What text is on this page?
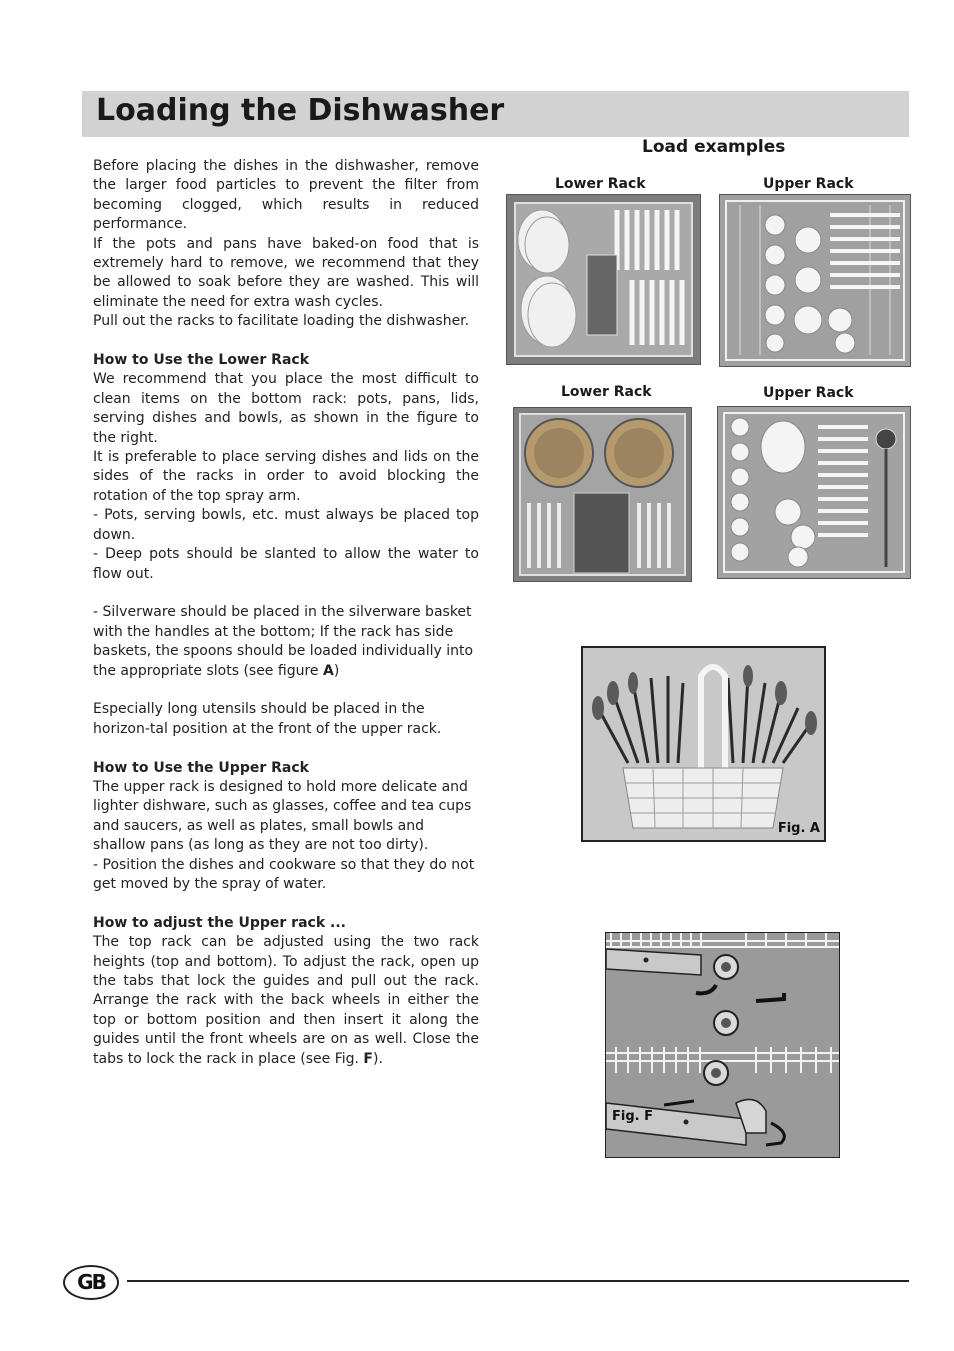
Loading the Dishwasher

Before placing the dishes in the dishwasher, remove the larger food particles to prevent the filter from becoming clogged, which results in reduced performance.

If the pots and pans have baked-on food that is extremely hard to remove, we recommend that they be allowed to soak before they are washed. This will eliminate the need for extra wash cycles.

Pull out the racks to facilitate loading the dishwasher.

How to Use the Lower Rack

We recommend that you place the most difficult to clean items on the bottom rack: pots, pans, lids, serving dishes and bowls, as shown in the figure to the right.

It is preferable to place serving dishes and lids on the sides of the racks in order to avoid blocking the rotation of the top spray arm.

- Pots, serving bowls, etc. must always be placed top down.

- Deep pots should be slanted to allow the water to flow out.

- Silverware should be placed in the silverware basket with the handles at the bottom; If the rack has side baskets, the spoons should be loaded individually into the appropriate slots (see figure A)

Especially long utensils should be placed in the horizon-tal position at the front of the upper rack.

How to Use the Upper Rack

The upper rack is designed to hold more delicate and lighter dishware, such as glasses, coffee and tea cups and saucers, as well as plates, small bowls and shallow pans (as long as they are not too dirty).

- Position the dishes and cookware so that they do not get moved by the spray of water.

How to adjust the Upper rack ...

The top rack can be adjusted using the two rack heights (top and bottom). To adjust the rack, open up the tabs that lock the guides and pull out the rack. Arrange the rack with the back wheels in either the top or bottom position and then insert it along the guides until the front wheels are on as well. Close the tabs to lock the rack in place (see Fig. F).

Load examples
Lower Rack	Upper Rack
Lower Rack	Upper Rack
Fig. A
Fig. F
GB
